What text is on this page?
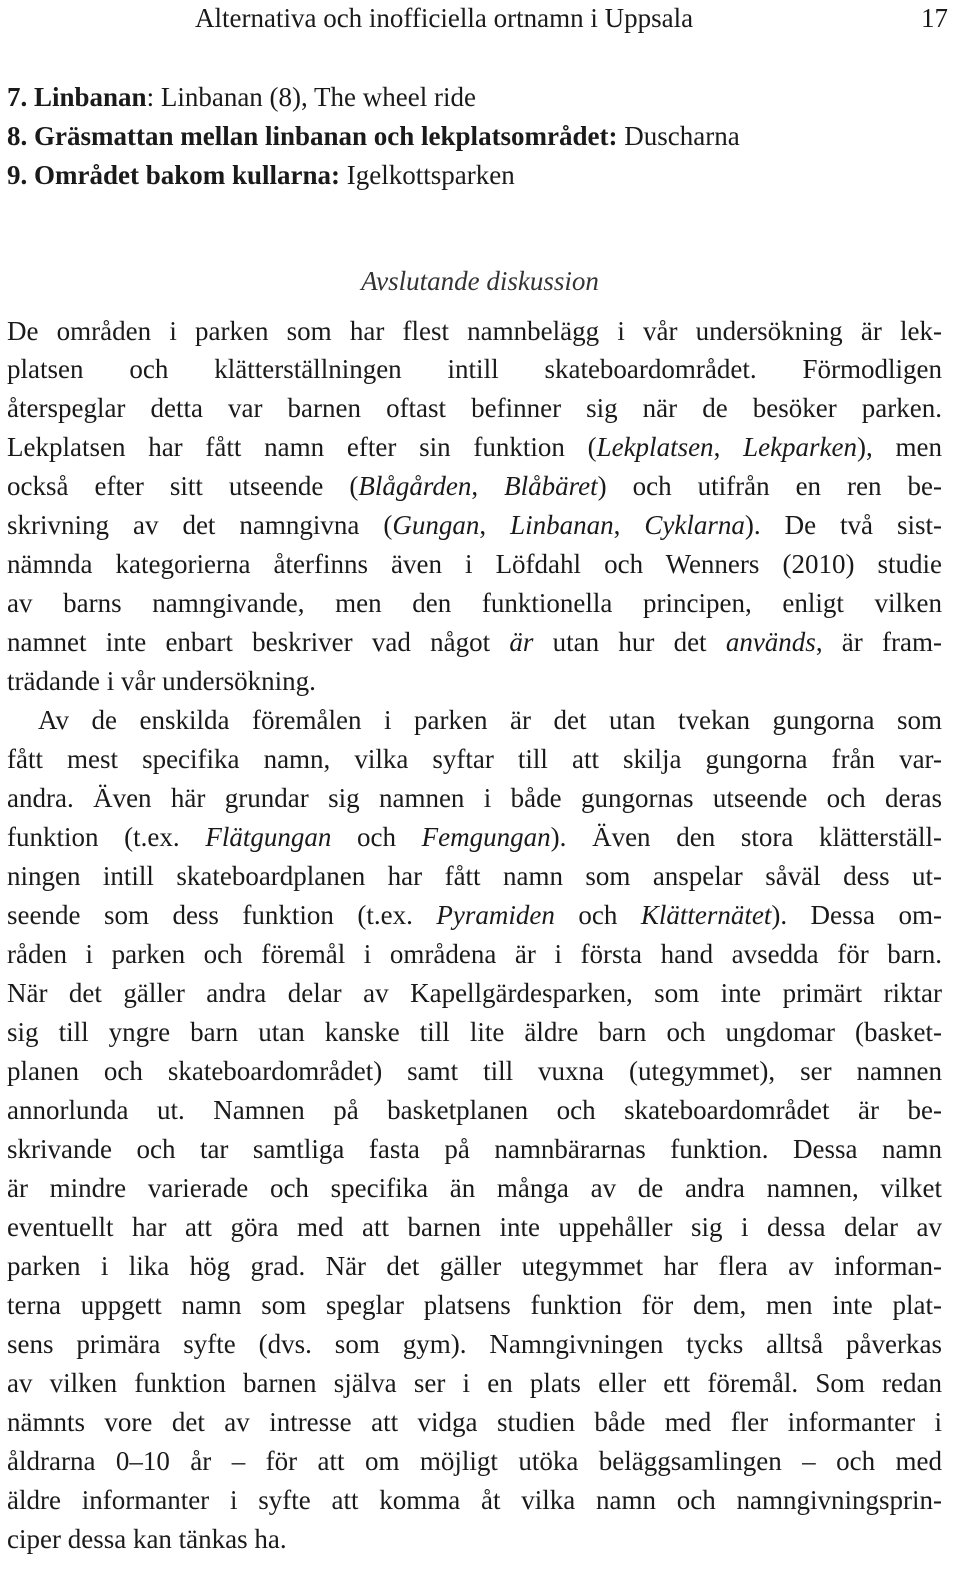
Alternativa och inofficiella ortnamn i Uppsala	17
7. Linbanan: Linbanan (8), The wheel ride
8. Gräsmattan mellan linbanan och lekplatsområdet: Duscharna
9. Området bakom kullarna: Igelkottsparken
Avslutande diskussion
De områden i parken som har flest namnbelägg i vår undersökning är lek-
platsen och klätterställningen intill skateboardområdet. Förmodligen
återspeglar detta var barnen oftast befinner sig när de besöker parken.
Lekplatsen har fått namn efter sin funktion (Lekplatsen, Lekparken), men
också efter sitt utseende (Blågården, Blåbäret) och utifrån en ren be-
skrivning av det namngivna (Gungan, Linbanan, Cyklarna). De två sist-
nämnda kategorierna återfinns även i Löfdahl och Wenners (2010) studie
av barns namngivande, men den funktionella principen, enligt vilken
namnet inte enbart beskriver vad något är utan hur det används, är fram-
trädande i vår undersökning.
Av de enskilda föremålen i parken är det utan tvekan gungorna som
fått mest specifika namn, vilka syftar till att skilja gungorna från var-
andra. Även här grundar sig namnen i både gungornas utseende och deras
funktion (t.ex. Flätgungan och Femgungan). Även den stora klätterställ-
ningen intill skateboardplanen har fått namn som anspelar såväl dess ut-
seende som dess funktion (t.ex. Pyramiden och Klätternätet). Dessa om-
råden i parken och föremål i områdena är i första hand avsedda för barn.
När det gäller andra delar av Kapellgärdesparken, som inte primärt riktar
sig till yngre barn utan kanske till lite äldre barn och ungdomar (basket-
planen och skateboardområdet) samt till vuxna (utegymmet), ser namnen
annorlunda ut. Namnen på basketplanen och skateboardområdet är be-
skrivande och tar samtliga fasta på namnbärarnas funktion. Dessa namn
är mindre varierade och specifika än många av de andra namnen, vilket
eventuellt har att göra med att barnen inte uppehåller sig i dessa delar av
parken i lika hög grad. När det gäller utegymmet har flera av informan-
terna uppgett namn som speglar platsens funktion för dem, men inte plat-
sens primära syfte (dvs. som gym). Namngivningen tycks alltså påverkas
av vilken funktion barnen själva ser i en plats eller ett föremål. Som redan
nämnts vore det av intresse att vidga studien både med fler informanter i
åldrarna 0–10 år – för att om möjligt utöka beläggsamlingen – och med
äldre informanter i syfte att komma åt vilka namn och namngivningsprin-
ciper dessa kan tänkas ha.
